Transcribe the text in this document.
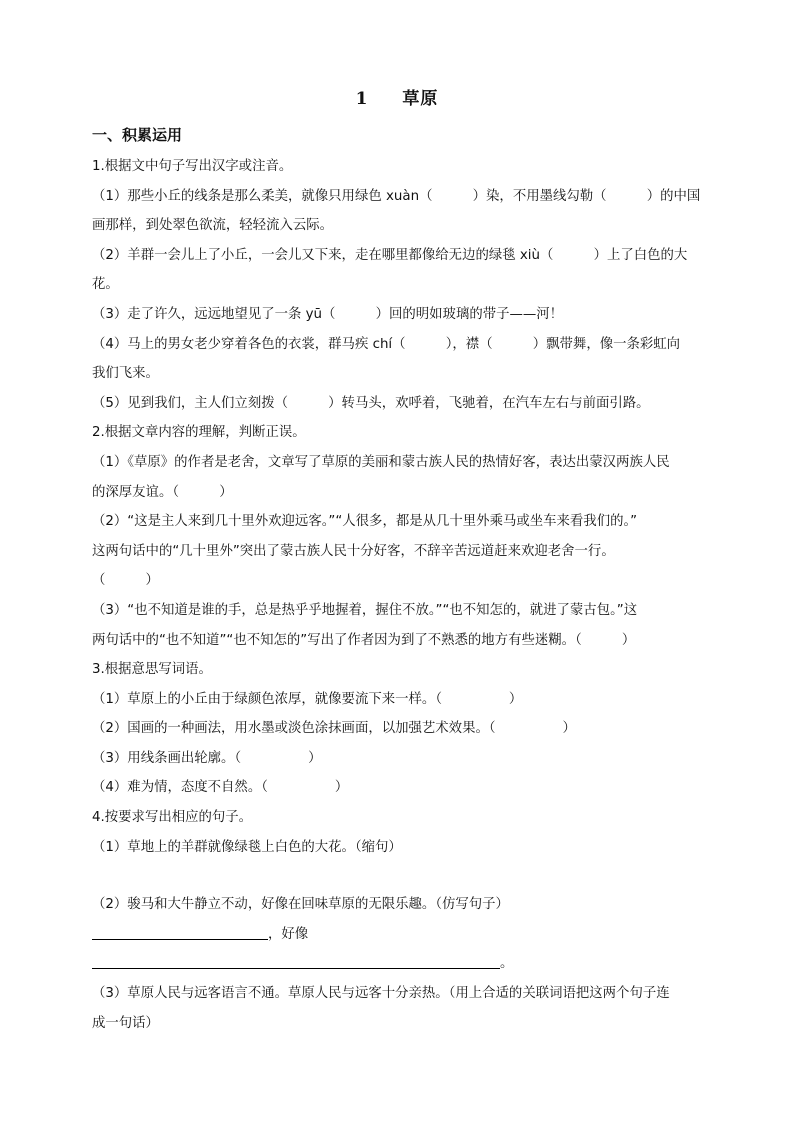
1 草原
一、积累运用

1.根据文中句子写出汉字或注音。

（1）那些小丘的线条是那么柔美，就像只用绿色 xuàn（　　　）染，不用墨线勾勒（　　　）的中国

画那样，到处翠色欲流，轻轻流入云际。

（2）羊群一会儿上了小丘，一会儿又下来，走在哪里都像给无边的绿毯 xiù（　　　）上了白色的大

花。

（3）走了许久，远远地望见了一条 yū（　　　）回的明如玻璃的带子——河！

（4）马上的男女老少穿着各色的衣裳，群马疾 chí（　　　），襟（　　　）飘带舞，像一条彩虹向

我们飞来。

（5）见到我们，主人们立刻拨（　　　）转马头，欢呼着，飞驰着，在汽车左右与前面引路。

2.根据文章内容的理解，判断正误。

（1）《草原》的作者是老舍，文章写了草原的美丽和蒙古族人民的热情好客，表达出蒙汉两族人民

的深厚友谊。（　　　）

（2）“这是主人来到几十里外欢迎远客。”“人很多，都是从几十里外乘马或坐车来看我们的。”

这两句话中的“几十里外”突出了蒙古族人民十分好客，不辞辛苦远道赶来欢迎老舍一行。

（　　　）

（3）“也不知道是谁的手，总是热乎乎地握着，握住不放。”“也不知怎的，就进了蒙古包。”这

两句话中的“也不知道”“也不知怎的”写出了作者因为到了不熟悉的地方有些迷糊。（　　　）

3.根据意思写词语。

（1）草原上的小丘由于绿颜色浓厚，就像要流下来一样。（　　　　　）

（2）国画的一种画法，用水墨或淡色涂抹画面，以加强艺术效果。（　　　　　）

（3）用线条画出轮廓。（　　　　　）

（4）难为情，态度不自然。（　　　　　）

4.按要求写出相应的句子。

（1）草地上的羊群就像绿毯上白色的大花。（缩句）

（2）骏马和大牛静立不动，好像在回味草原的无限乐趣。（仿写句子）

，好像。

（3）草原人民与远客语言不通。草原人民与远客十分亲热。（用上合适的关联词语把这两个句子连

成一句话）
